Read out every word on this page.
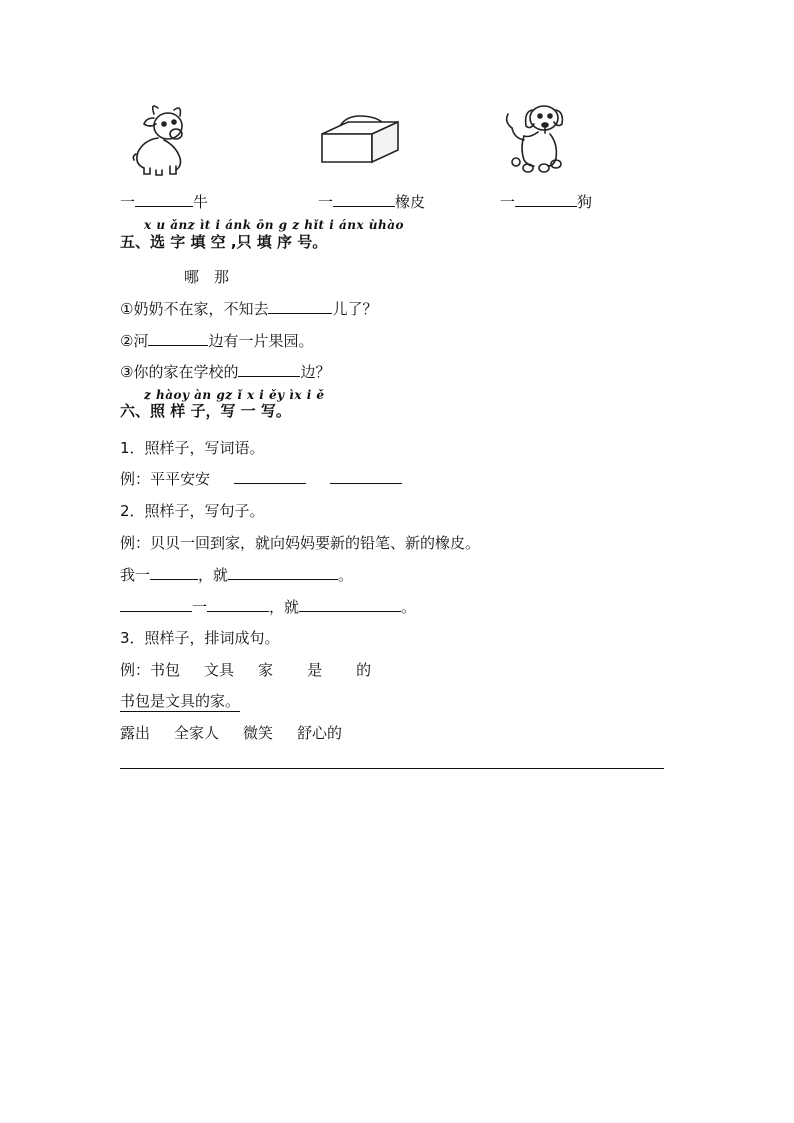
一	牛	一	橡皮	一	狗
x u ǎnz ìt i ánk ōn g z hǐt i ánx ùhào
五、选 字 填 空 ,只 填 序 号。
哪　那
①奶奶不在家，不知去	儿了？
②河	边有一片果园。
③你的家在学校的	边？
z hàoy àn gz ǐ x i ěy ìx i ě
六、照 样 子，写 一 写。
1．照样子，写词语。
例：平平安安
2．照样子，写句子。
例：贝贝一回到家，就向妈妈要新的铅笔、新的橡皮。
我一	，就	。
一	，就	。
3．照样子，排词成句。
例：书包 文具 家 是 的
书包是文具的家。
露出 全家人 微笑 舒心的
